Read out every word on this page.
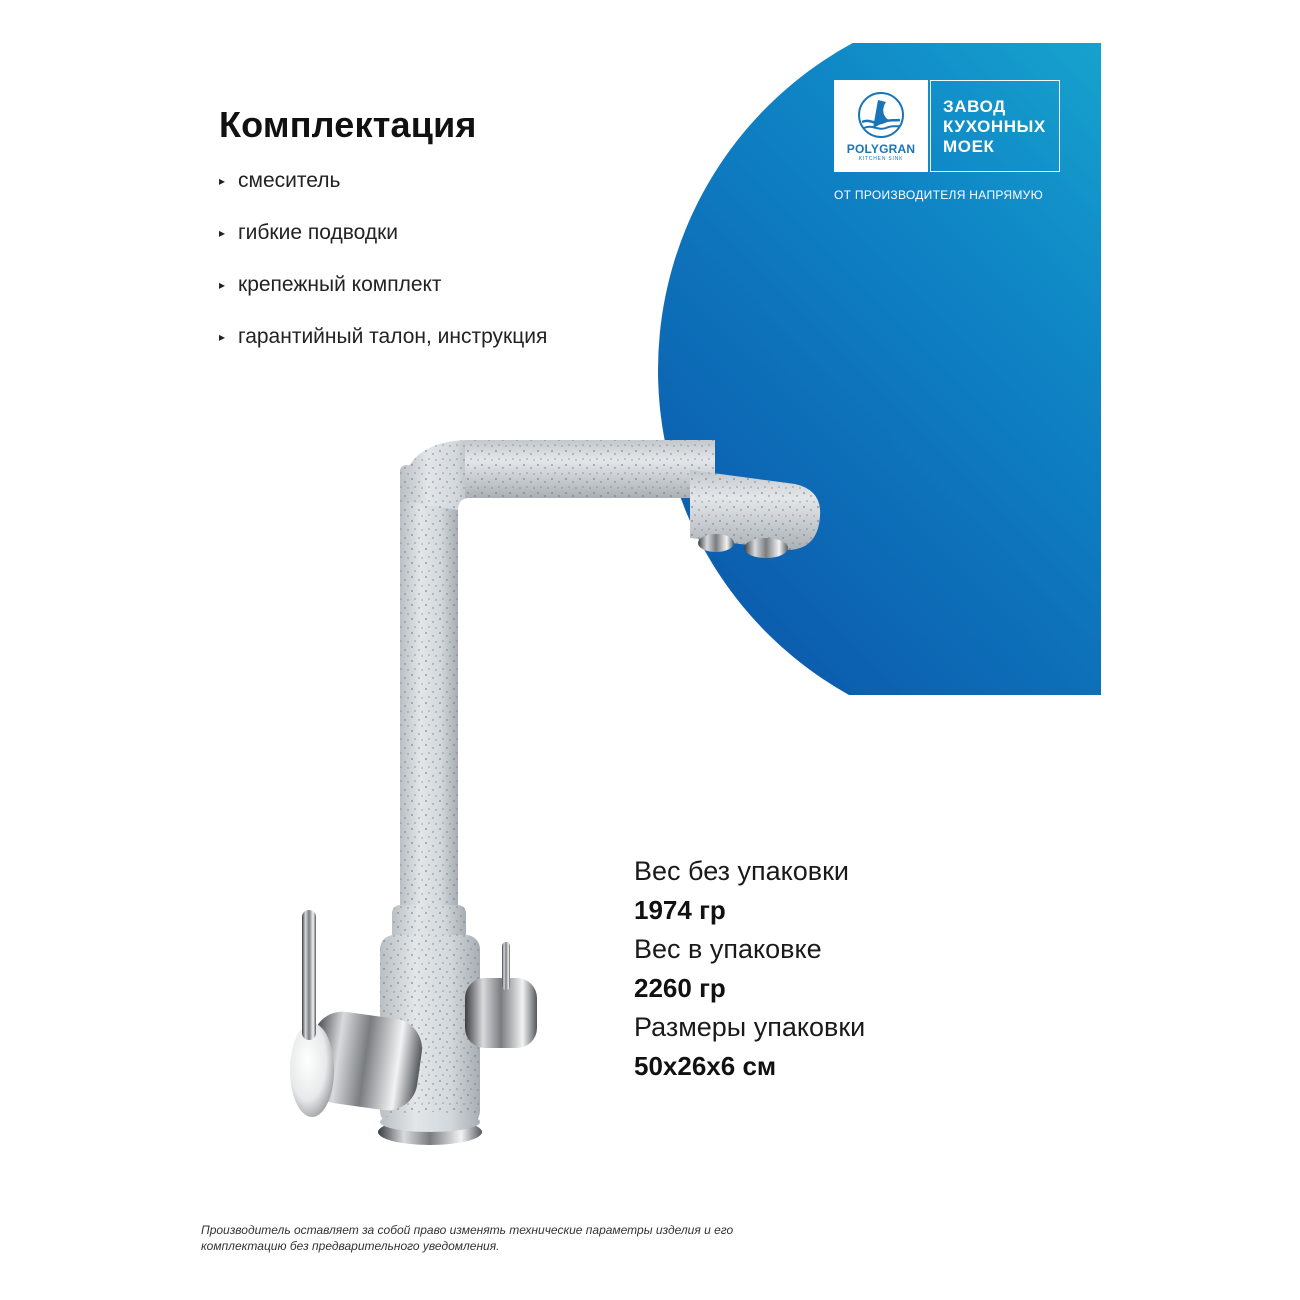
Комплектация
▸ смеситель
▸ гибкие подводки
▸ крепежный комплект
▸ гарантийный талон, инструкция
POLYGRAN
KITCHEN SINK
ЗАВОД
КУХОННЫХ
МОЕК
ОТ ПРОИЗВОДИТЕЛЯ НАПРЯМУЮ

Вес без упаковки

1974 гр

Вес в упаковке

2260 гр

Размеры упаковки

50x26x6 см

Производитель оставляет за собой право изменять технические параметры изделия и его комплектацию без предварительного уведомления.
